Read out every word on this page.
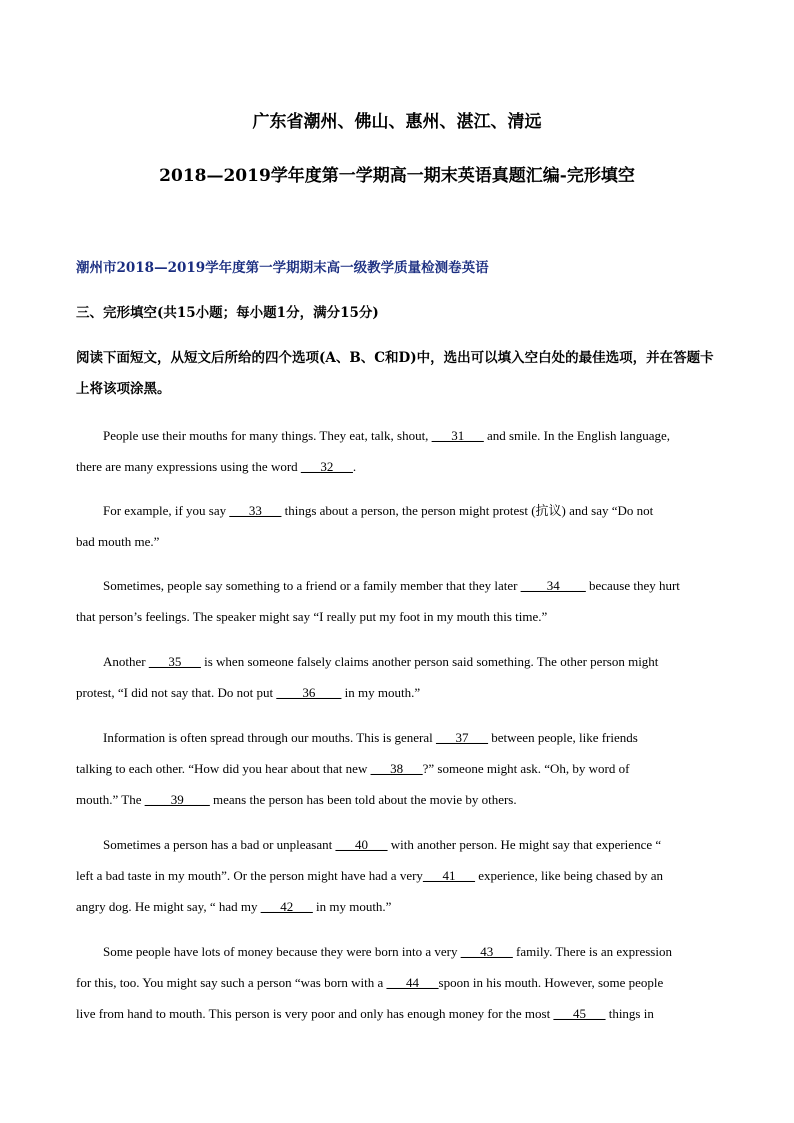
广东省潮州、佛山、惠州、湛江、清远
2018—2019学年度第一学期高一期末英语真题汇编-完形填空
潮州市2018—2019学年度第一学期期末高一级教学质量检测卷英语
三、完形填空(共15小题；每小题1分，满分15分)
阅读下面短文，从短文后所给的四个选项(A、B、C和D)中，选出可以填入空白处的最佳选项，并在答题卡上将该项涂黑。
People use their mouths for many things. They eat, talk, shout, ___31___ and smile. In the English language,
there are many expressions using the word ___32___.
For example, if you say ___33___ things about a person, the person might protest (抗议) and say “Do not
bad mouth me.”
Sometimes, people say something to a friend or a family member that they later ____34____ because they hurt
that person’s feelings. The speaker might say “I really put my foot in my mouth this time.”
Another ___35___ is when someone falsely claims another person said something. The other person might
protest, “I did not say that. Do not put ____36____ in my mouth.”
Information is often spread through our mouths. This is general ___37___ between people, like friends
talking to each other. “How did you hear about that new ___38___?” someone might ask. “Oh, by word of
mouth.” The ____39____ means the person has been told about the movie by others.
Sometimes a person has a bad or unpleasant ___40___ with another person. He might say that experience “
left a bad taste in my mouth”. Or the person might have had a very___41___ experience, like being chased by an
angry dog. He might say, “ had my ___42___ in my mouth.”
Some people have lots of money because they were born into a very ___43___ family. There is an expression
for this, too. You might say such a person “was born with a ___44___spoon in his mouth. However, some people
live from hand to mouth. This person is very poor and only has enough money for the most ___45___ things in
